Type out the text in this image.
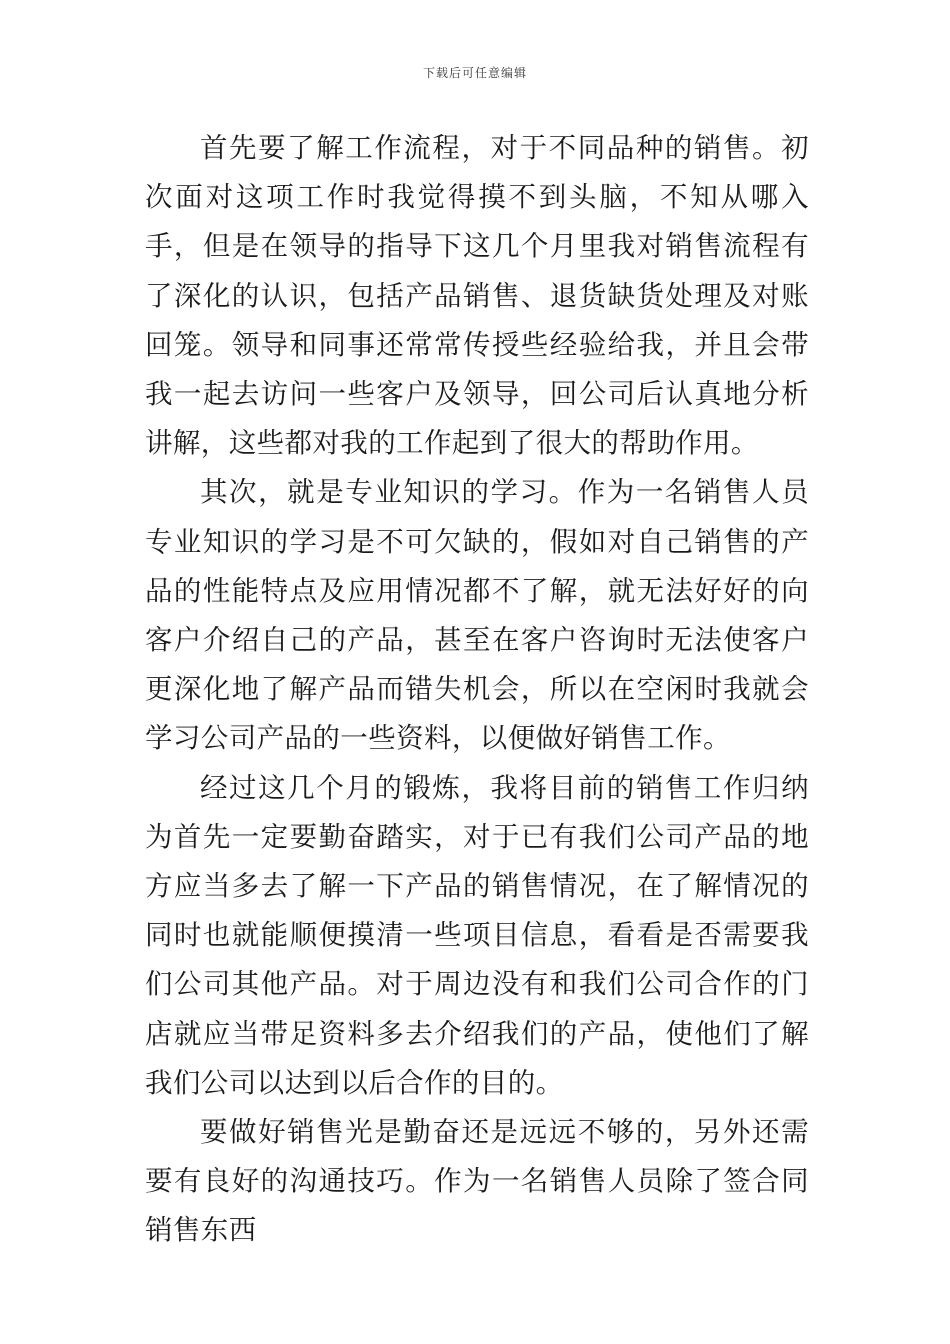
下载后可任意编辑

首先要了解工作流程，对于不同品种的销售。初次面对这项工作时我觉得摸不到头脑，不知从哪入手，但是在领导的指导下这几个月里我对销售流程有了深化的认识，包括产品销售、退货缺货处理及对账回笼。领导和同事还常常传授些经验给我，并且会带我一起去访问一些客户及领导，回公司后认真地分析讲解，这些都对我的工作起到了很大的帮助作用。

其次，就是专业知识的学习。作为一名销售人员专业知识的学习是不可欠缺的，假如对自己销售的产品的性能特点及应用情况都不了解，就无法好好的向客户介绍自己的产品，甚至在客户咨询时无法使客户更深化地了解产品而错失机会，所以在空闲时我就会学习公司产品的一些资料，以便做好销售工作。

经过这几个月的锻炼，我将目前的销售工作归纳为首先一定要勤奋踏实，对于已有我们公司产品的地方应当多去了解一下产品的销售情况，在了解情况的同时也就能顺便摸清一些项目信息，看看是否需要我们公司其他产品。对于周边没有和我们公司合作的门店就应当带足资料多去介绍我们的产品，使他们了解我们公司以达到以后合作的目的。

要做好销售光是勤奋还是远远不够的，另外还需要有良好的沟通技巧。作为一名销售人员除了签合同销售东西
